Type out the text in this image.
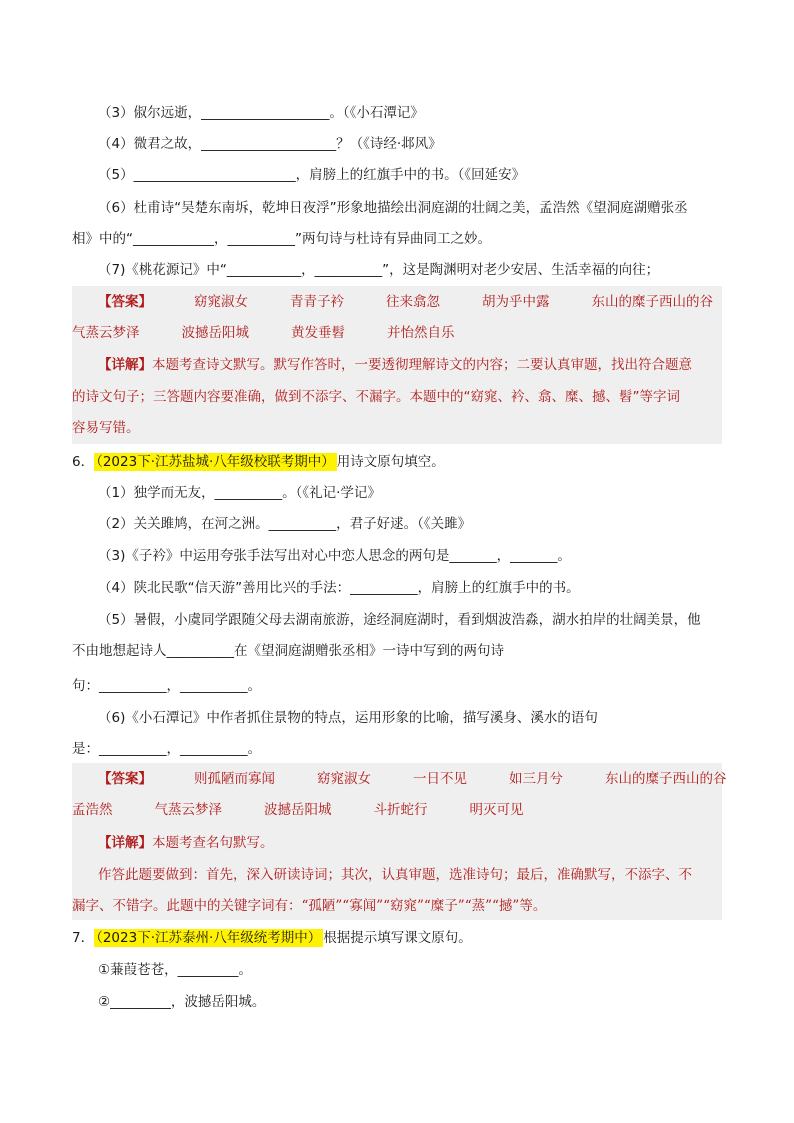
（3）俶尔远逝，___________________。（《小石潭记》
（4）微君之故，____________________？（《诗经·邶风》
（5）________________________，肩膀上的红旗手中的书。（《回延安》
（6）杜甫诗“吴楚东南坼，乾坤日夜浮”形象地描绘出洞庭湖的壮阔之美，孟浩然《望洞庭湖赠张丞
相》中的“____________，__________”两句诗与杜诗有异曲同工之妙。
（7)《桃花源记》中“___________，__________”，这是陶渊明对老少安居、生活幸福的向往；
【答案】	窈窕淑女	青青子衿	往来翕忽	胡为乎中露	东山的糜子西山的谷
气蒸云梦泽	波撼岳阳城	黄发垂髫	并怡然自乐
【详解】本题考查诗文默写。默写作答时，一要透彻理解诗文的内容；二要认真审题，找出符合题意
的诗文句子；三答题内容要准确，做到不添字、不漏字。本题中的“窈窕、衿、翕、糜、撼、髫”等字词
容易写错。
6． （2023下·江苏盐城·八年级校联考期中） 用诗文原句填空。
（1）独学而无友，__________。（《礼记·学记》
（2）关关雎鸠，在河之洲。__________，君子好逑。（《关雎》
（3)《子衿》中运用夸张手法写出对心中恋人思念的两句是_______，_______。
（4）陕北民歌“信天游”善用比兴的手法：__________，肩膀上的红旗手中的书。
（5）暑假，小虞同学跟随父母去湖南旅游，途经洞庭湖时，看到烟波浩淼，湖水拍岸的壮阔美景，他
不由地想起诗人__________在《望洞庭湖赠张丞相》一诗中写到的两句诗
句：__________，__________。
（6)《小石潭记》中作者抓住景物的特点，运用形象的比喻，描写溪身、溪水的语句
是：__________，__________。
【答案】	则孤陋而寡闻	窈窕淑女	一日不见	如三月兮	东山的糜子西山的谷
孟浩然	气蒸云梦泽	波撼岳阳城	斗折蛇行	明灭可见
【详解】本题考查名句默写。
作答此题要做到：首先，深入研读诗词；其次，认真审题，选准诗句；最后，准确默写，不添字、不
漏字、不错字。此题中的关键字词有：“孤陋”“寡闻”“窈窕”“糜子”“蒸”“撼”等。
7． （2023下·江苏泰州·八年级统考期中） 根据提示填写课文原句。
①蒹葭苍苍，_________。
②_________，波撼岳阳城。
